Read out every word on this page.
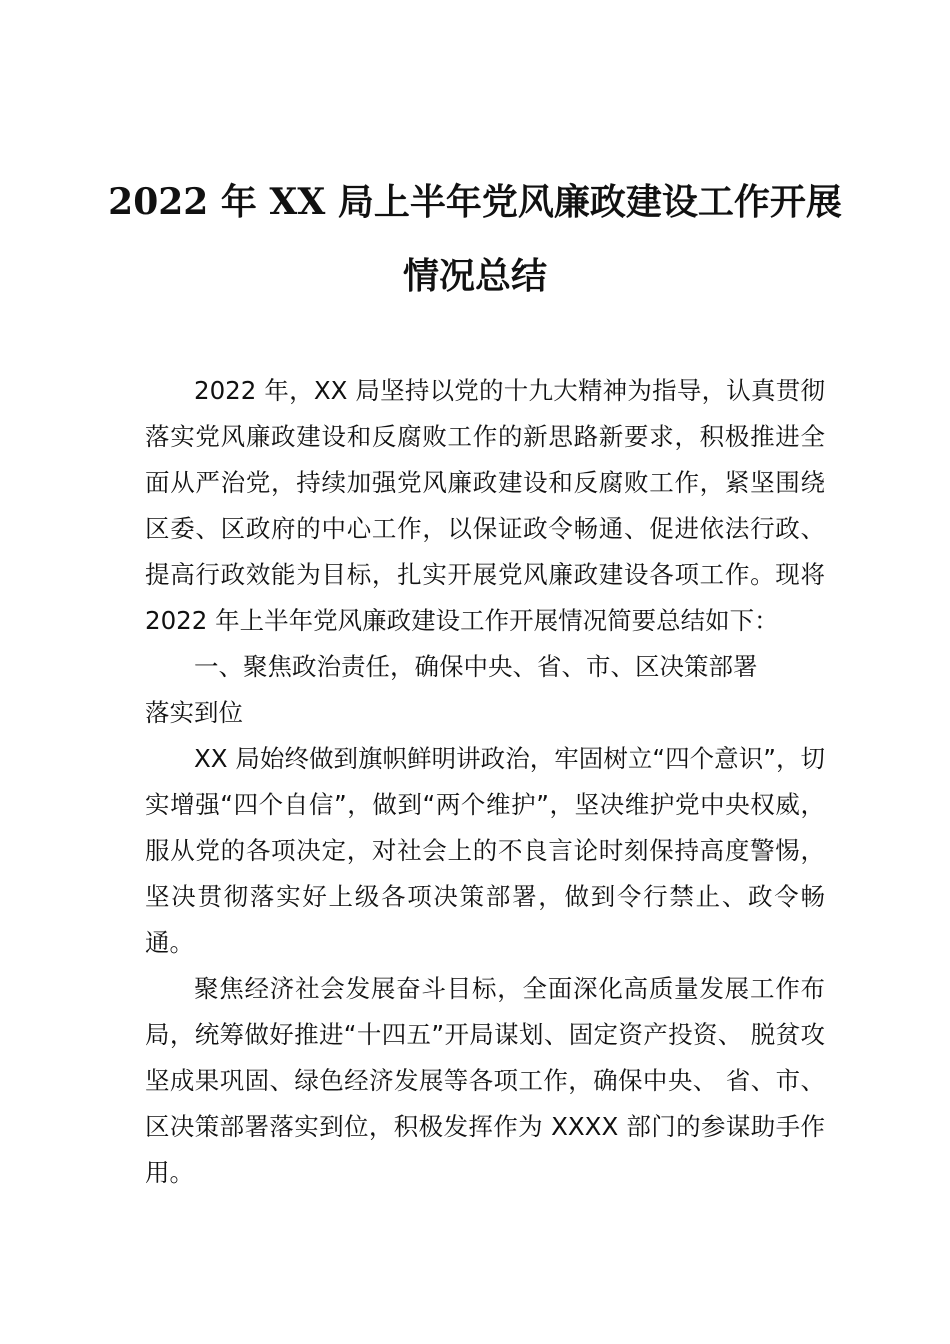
2022 年 XX 局上半年党风廉政建设工作开展
情况总结

2022 年，XX 局坚持以党的十九大精神为指导，认真贯彻落实党风廉政建设和反腐败工作的新思路新要求，积极推进全面从严治党，持续加强党风廉政建设和反腐败工作，紧坚围绕区委、区政府的中心工作，以保证政令畅通、促进依法行政、提高行政效能为目标，扎实开展党风廉政建设各项工作。现将 2022 年上半年党风廉政建设工作开展情况简要总结如下：

一、聚焦政治责任，确保中央、省、市、区决策部署落实到位

XX 局始终做到旗帜鲜明讲政治，牢固树立“四个意识”，切实增强“四个自信”，做到“两个维护”，坚决维护党中央权威，服从党的各项决定，对社会上的不良言论时刻保持高度警惕，坚决贯彻落实好上级各项决策部署，做到令行禁止、政令畅通。

聚焦经济社会发展奋斗目标，全面深化高质量发展工作布局，统筹做好推进“十四五”开局谋划、固定资产投资、 脱贫攻坚成果巩固、绿色经济发展等各项工作，确保中央、 省、市、区决策部署落实到位，积极发挥作为 XXXX 部门的参谋助手作用。
